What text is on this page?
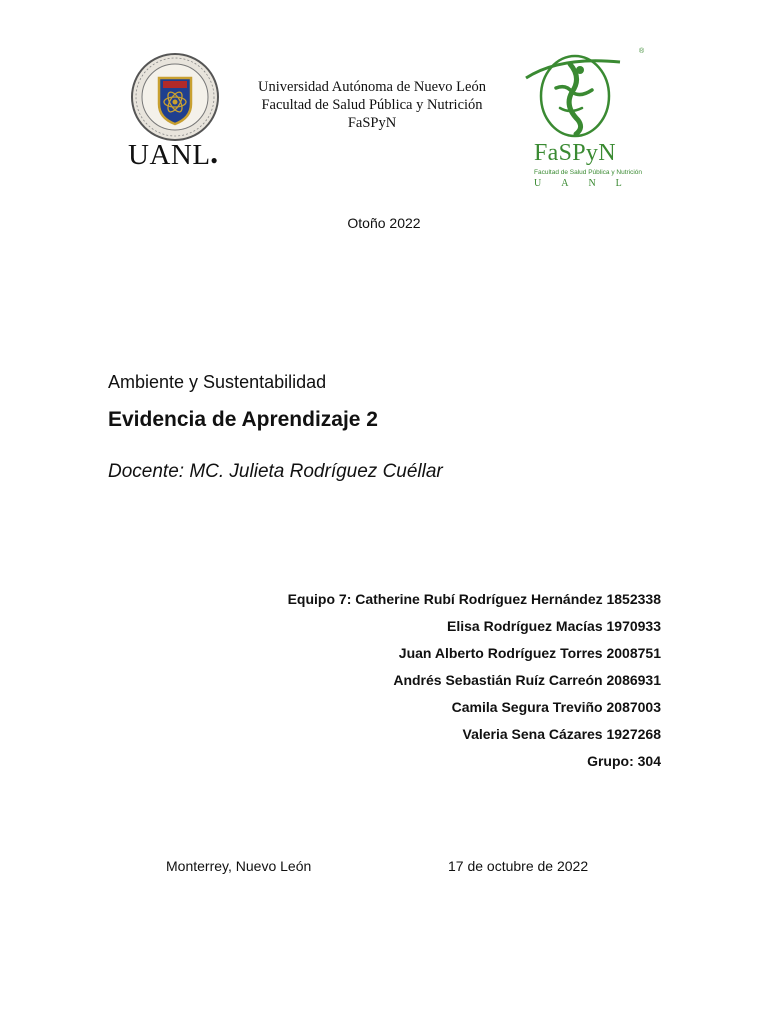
UANL●
Universidad Autónoma de Nuevo León
Facultad de Salud Pública y Nutrición
FaSPyN
®
FaSPyN
Facultad de Salud Pública y Nutrición
UANL
Otoño 2022
Ambiente y Sustentabilidad
Evidencia de Aprendizaje 2
Docente: MC. Julieta Rodríguez Cuéllar
Equipo 7: Catherine Rubí Rodríguez Hernández 1852338
Elisa Rodríguez Macías 1970933
Juan Alberto Rodríguez Torres 2008751
Andrés Sebastián Ruíz Carreón 2086931
Camila Segura Treviño 2087003
Valeria Sena Cázares 1927268
Grupo: 304
Monterrey, Nuevo León	17 de octubre de 2022
